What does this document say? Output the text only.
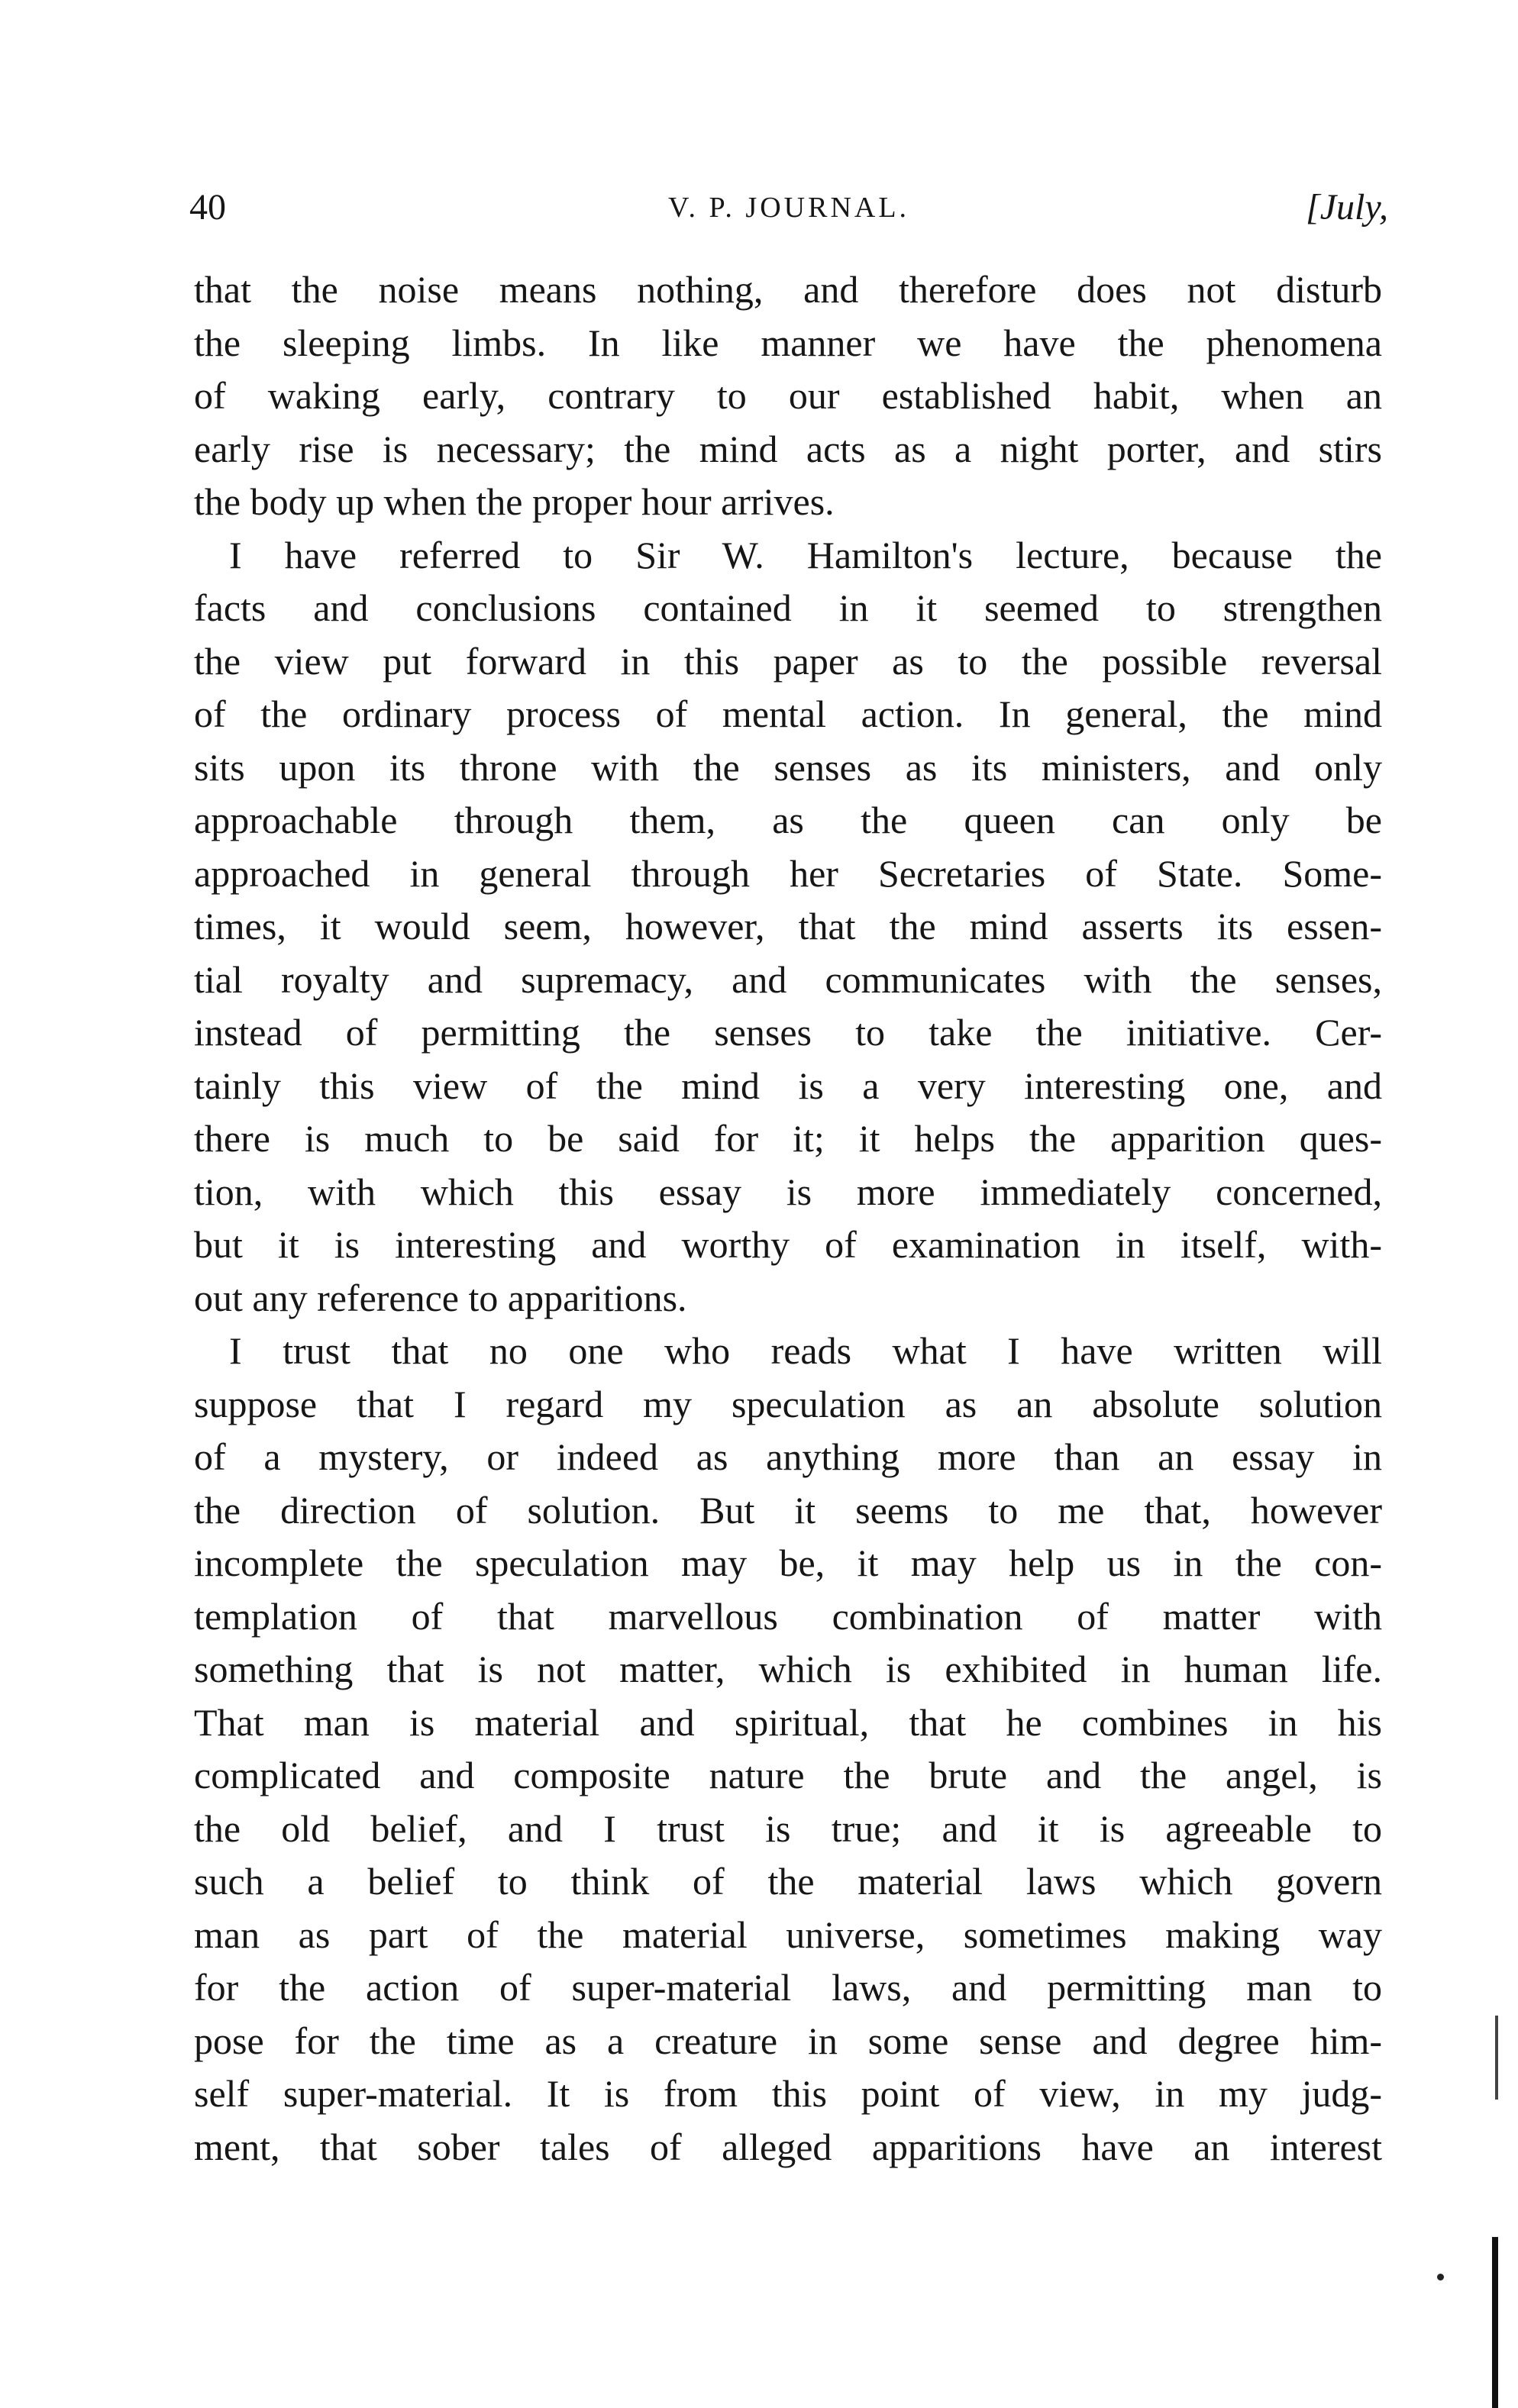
40	V. P. JOURNAL.	[July,
that the noise means nothing, and therefore does not disturb
the sleeping limbs. In like manner we have the phenomena
of waking early, contrary to our established habit, when an
early rise is necessary; the mind acts as a night porter, and stirs
the body up when the proper hour arrives.
I have referred to Sir W. Hamilton's lecture, because the
facts and conclusions contained in it seemed to strengthen
the view put forward in this paper as to the possible reversal
of the ordinary process of mental action. In general, the mind
sits upon its throne with the senses as its ministers, and only
approachable through them, as the queen can only be
approached in general through her Secretaries of State. Some-
times, it would seem, however, that the mind asserts its essen-
tial royalty and supremacy, and communicates with the senses,
instead of permitting the senses to take the initiative. Cer-
tainly this view of the mind is a very interesting one, and
there is much to be said for it; it helps the apparition ques-
tion, with which this essay is more immediately concerned,
but it is interesting and worthy of examination in itself, with-
out any reference to apparitions.
I trust that no one who reads what I have written will
suppose that I regard my speculation as an absolute solution
of a mystery, or indeed as anything more than an essay in
the direction of solution. But it seems to me that, however
incomplete the speculation may be, it may help us in the con-
templation of that marvellous combination of matter with
something that is not matter, which is exhibited in human life.
That man is material and spiritual, that he combines in his
complicated and composite nature the brute and the angel, is
the old belief, and I trust is true; and it is agreeable to
such a belief to think of the material laws which govern
man as part of the material universe, sometimes making way
for the action of super-material laws, and permitting man to
pose for the time as a creature in some sense and degree him-
self super-material. It is from this point of view, in my judg-
ment, that sober tales of alleged apparitions have an interest
